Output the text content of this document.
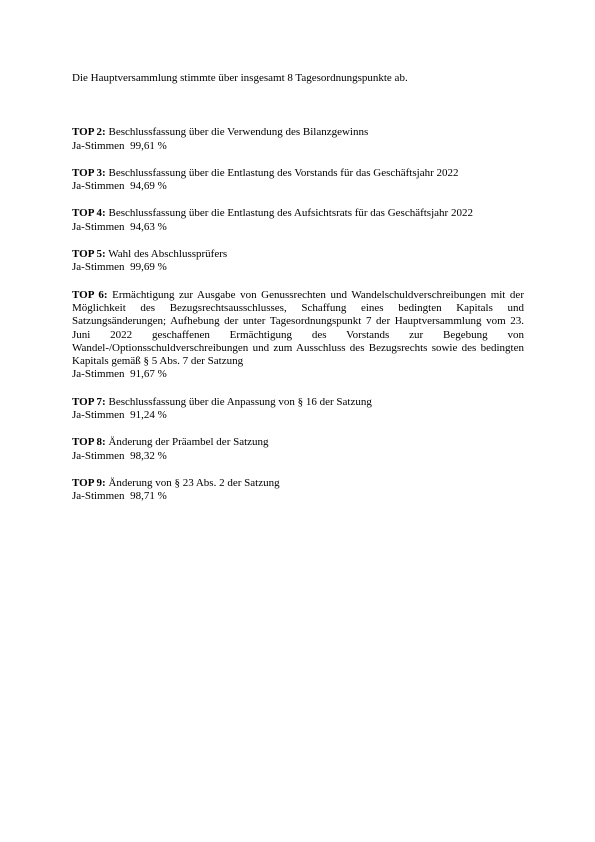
Die Hauptversammlung stimmte über insgesamt 8 Tagesordnungspunkte ab.

TOP 2: Beschlussfassung über die Verwendung des Bilanzgewinns

Ja-Stimmen 99,61 %

TOP 3: Beschlussfassung über die Entlastung des Vorstands für das Geschäftsjahr 2022

Ja-Stimmen 94,69 %

TOP 4: Beschlussfassung über die Entlastung des Aufsichtsrats für das Geschäftsjahr 2022

Ja-Stimmen 94,63 %

TOP 5: Wahl des Abschlussprüfers

Ja-Stimmen 99,69 %

TOP 6: Ermächtigung zur Ausgabe von Genussrechten und Wandelschuldverschreibungen mit der Möglichkeit des Bezugsrechtsausschlusses, Schaffung eines bedingten Kapitals und Satzungsänderungen; Aufhebung der unter Tagesordnungspunkt 7 der Hauptversammlung vom 23. Juni 2022 geschaffenen Ermächtigung des Vorstands zur Begebung von Wandel-/Optionsschuldverschreibungen und zum Ausschluss des Bezugsrechts sowie des bedingten Kapitals gemäß § 5 Abs. 7 der Satzung

Ja-Stimmen 91,67 %

TOP 7: Beschlussfassung über die Anpassung von § 16 der Satzung

Ja-Stimmen 91,24 %

TOP 8: Änderung der Präambel der Satzung

Ja-Stimmen 98,32 %

TOP 9: Änderung von § 23 Abs. 2 der Satzung

Ja-Stimmen 98,71 %
